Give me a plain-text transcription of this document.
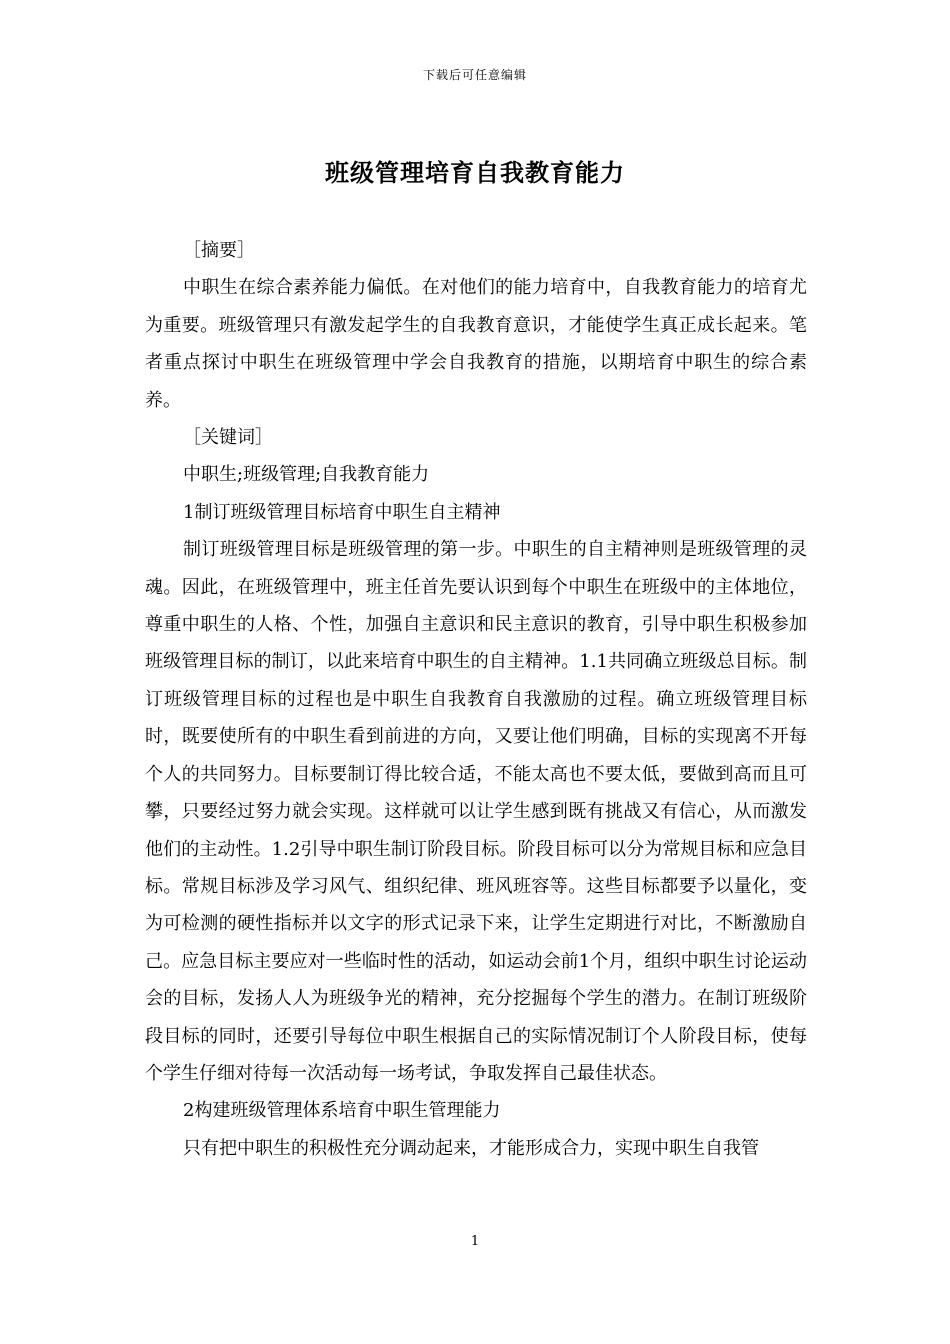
下载后可任意编辑
班级管理培育自我教育能力

［摘要］

中职生在综合素养能力偏低。在对他们的能力培育中，自我教育能力的培育尤为重要。班级管理只有激发起学生的自我教育意识，才能使学生真正成长起来。笔者重点探讨中职生在班级管理中学会自我教育的措施，以期培育中职生的综合素养。

［关键词］

中职生;班级管理;自我教育能力

1制订班级管理目标培育中职生自主精神

制订班级管理目标是班级管理的第一步。中职生的自主精神则是班级管理的灵魂。因此，在班级管理中，班主任首先要认识到每个中职生在班级中的主体地位，尊重中职生的人格、个性，加强自主意识和民主意识的教育，引导中职生积极参加班级管理目标的制订，以此来培育中职生的自主精神。1.1共同确立班级总目标。制订班级管理目标的过程也是中职生自我教育自我激励的过程。确立班级管理目标时，既要使所有的中职生看到前进的方向，又要让他们明确，目标的实现离不开每个人的共同努力。目标要制订得比较合适，不能太高也不要太低，要做到高而且可攀，只要经过努力就会实现。这样就可以让学生感到既有挑战又有信心，从而激发他们的主动性。1.2引导中职生制订阶段目标。阶段目标可以分为常规目标和应急目标。常规目标涉及学习风气、组织纪律、班风班容等。这些目标都要予以量化，变为可检测的硬性指标并以文字的形式记录下来，让学生定期进行对比，不断激励自己。应急目标主要应对一些临时性的活动，如运动会前1个月，组织中职生讨论运动会的目标，发扬人人为班级争光的精神，充分挖掘每个学生的潜力。在制订班级阶段目标的同时，还要引导每位中职生根据自己的实际情况制订个人阶段目标，使每个学生仔细对待每一次活动每一场考试，争取发挥自己最佳状态。

2构建班级管理体系培育中职生管理能力

只有把中职生的积极性充分调动起来，才能形成合力，实现中职生自我管

1
